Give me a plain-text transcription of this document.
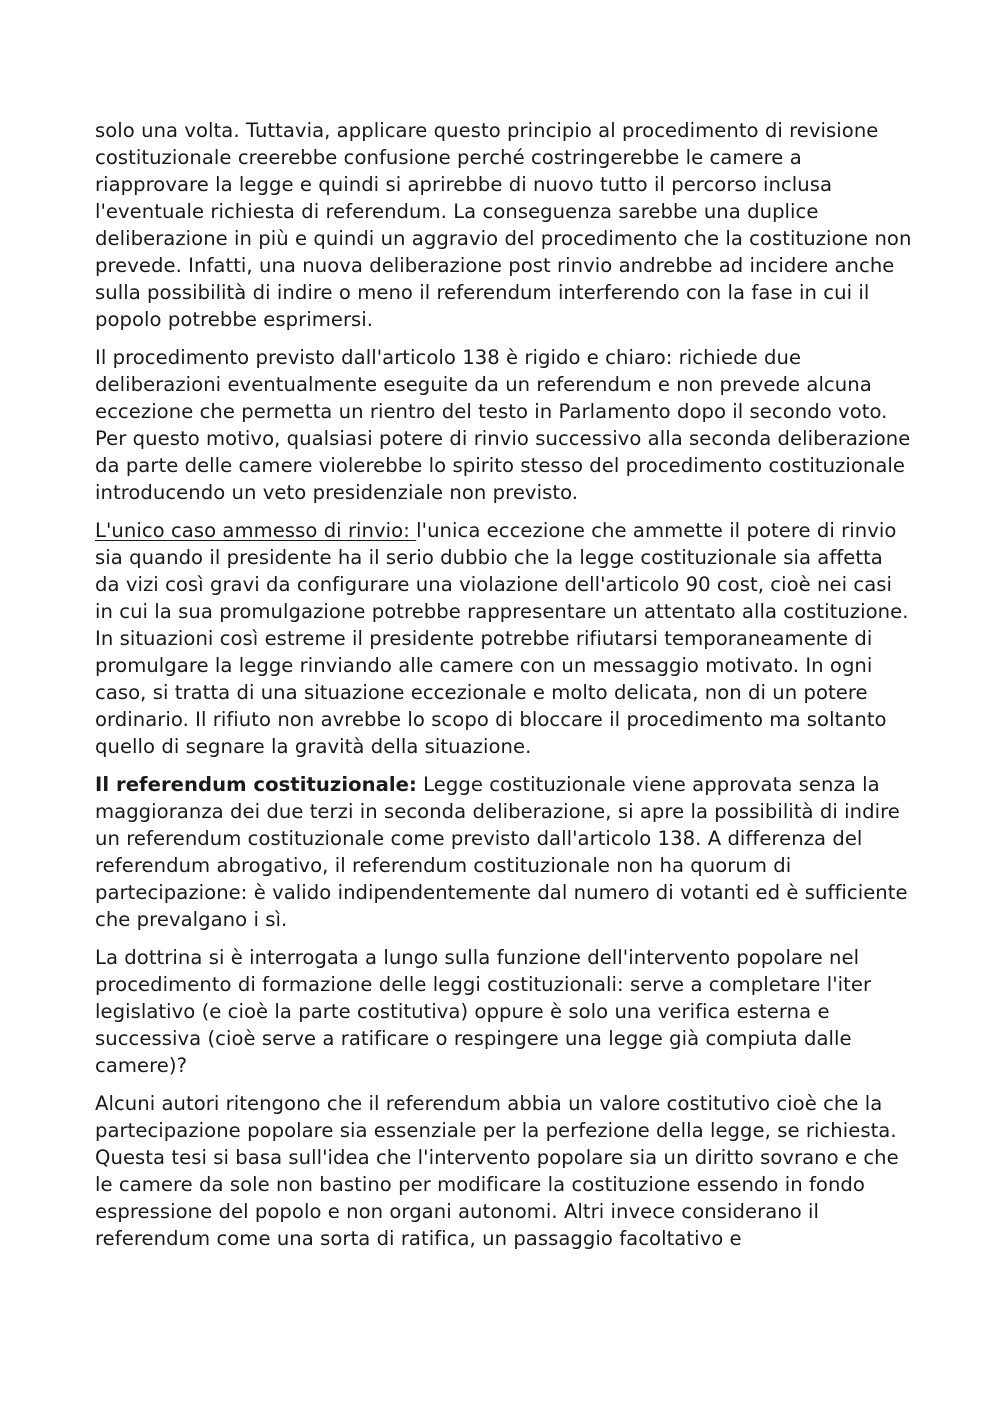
solo una volta. Tuttavia, applicare questo principio al procedimento di revisione costituzionale creerebbe confusione perché costringerebbe le camere a riapprovare la legge e quindi si aprirebbe di nuovo tutto il percorso inclusa l'eventuale richiesta di referendum. La conseguenza sarebbe una duplice deliberazione in più e quindi un aggravio del procedimento che la costituzione non prevede. Infatti, una nuova deliberazione post rinvio andrebbe ad incidere anche sulla possibilità di indire o meno il referendum interferendo con la fase in cui il popolo potrebbe esprimersi.

Il procedimento previsto dall'articolo 138 è rigido e chiaro: richiede due deliberazioni eventualmente eseguite da un referendum e non prevede alcuna eccezione che permetta un rientro del testo in Parlamento dopo il secondo voto. Per questo motivo, qualsiasi potere di rinvio successivo alla seconda deliberazione da parte delle camere violerebbe lo spirito stesso del procedimento costituzionale introducendo un veto presidenziale non previsto.

L'unico caso ammesso di rinvio: l'unica eccezione che ammette il potere di rinvio sia quando il presidente ha il serio dubbio che la legge costituzionale sia affetta da vizi così gravi da configurare una violazione dell'articolo 90 cost, cioè nei casi in cui la sua promulgazione potrebbe rappresentare un attentato alla costituzione. In situazioni così estreme il presidente potrebbe rifiutarsi temporaneamente di promulgare la legge rinviando alle camere con un messaggio motivato. In ogni caso, si tratta di una situazione eccezionale e molto delicata, non di un potere ordinario. Il rifiuto non avrebbe lo scopo di bloccare il procedimento ma soltanto quello di segnare la gravità della situazione.

Il referendum costituzionale: Legge costituzionale viene approvata senza la maggioranza dei due terzi in seconda deliberazione, si apre la possibilità di indire un referendum costituzionale come previsto dall'articolo 138. A differenza del referendum abrogativo, il referendum costituzionale non ha quorum di partecipazione: è valido indipendentemente dal numero di votanti ed è sufficiente che prevalgano i sì.

La dottrina si è interrogata a lungo sulla funzione dell'intervento popolare nel procedimento di formazione delle leggi costituzionali: serve a completare l'iter legislativo (e cioè la parte costitutiva) oppure è solo una verifica esterna e successiva (cioè serve a ratificare o respingere una legge già compiuta dalle camere)?

Alcuni autori ritengono che il referendum abbia un valore costitutivo cioè che la partecipazione popolare sia essenziale per la perfezione della legge, se richiesta. Questa tesi si basa sull'idea che l'intervento popolare sia un diritto sovrano e che le camere da sole non bastino per modificare la costituzione essendo in fondo espressione del popolo e non organi autonomi. Altri invece considerano il referendum come una sorta di ratifica, un passaggio facoltativo e
